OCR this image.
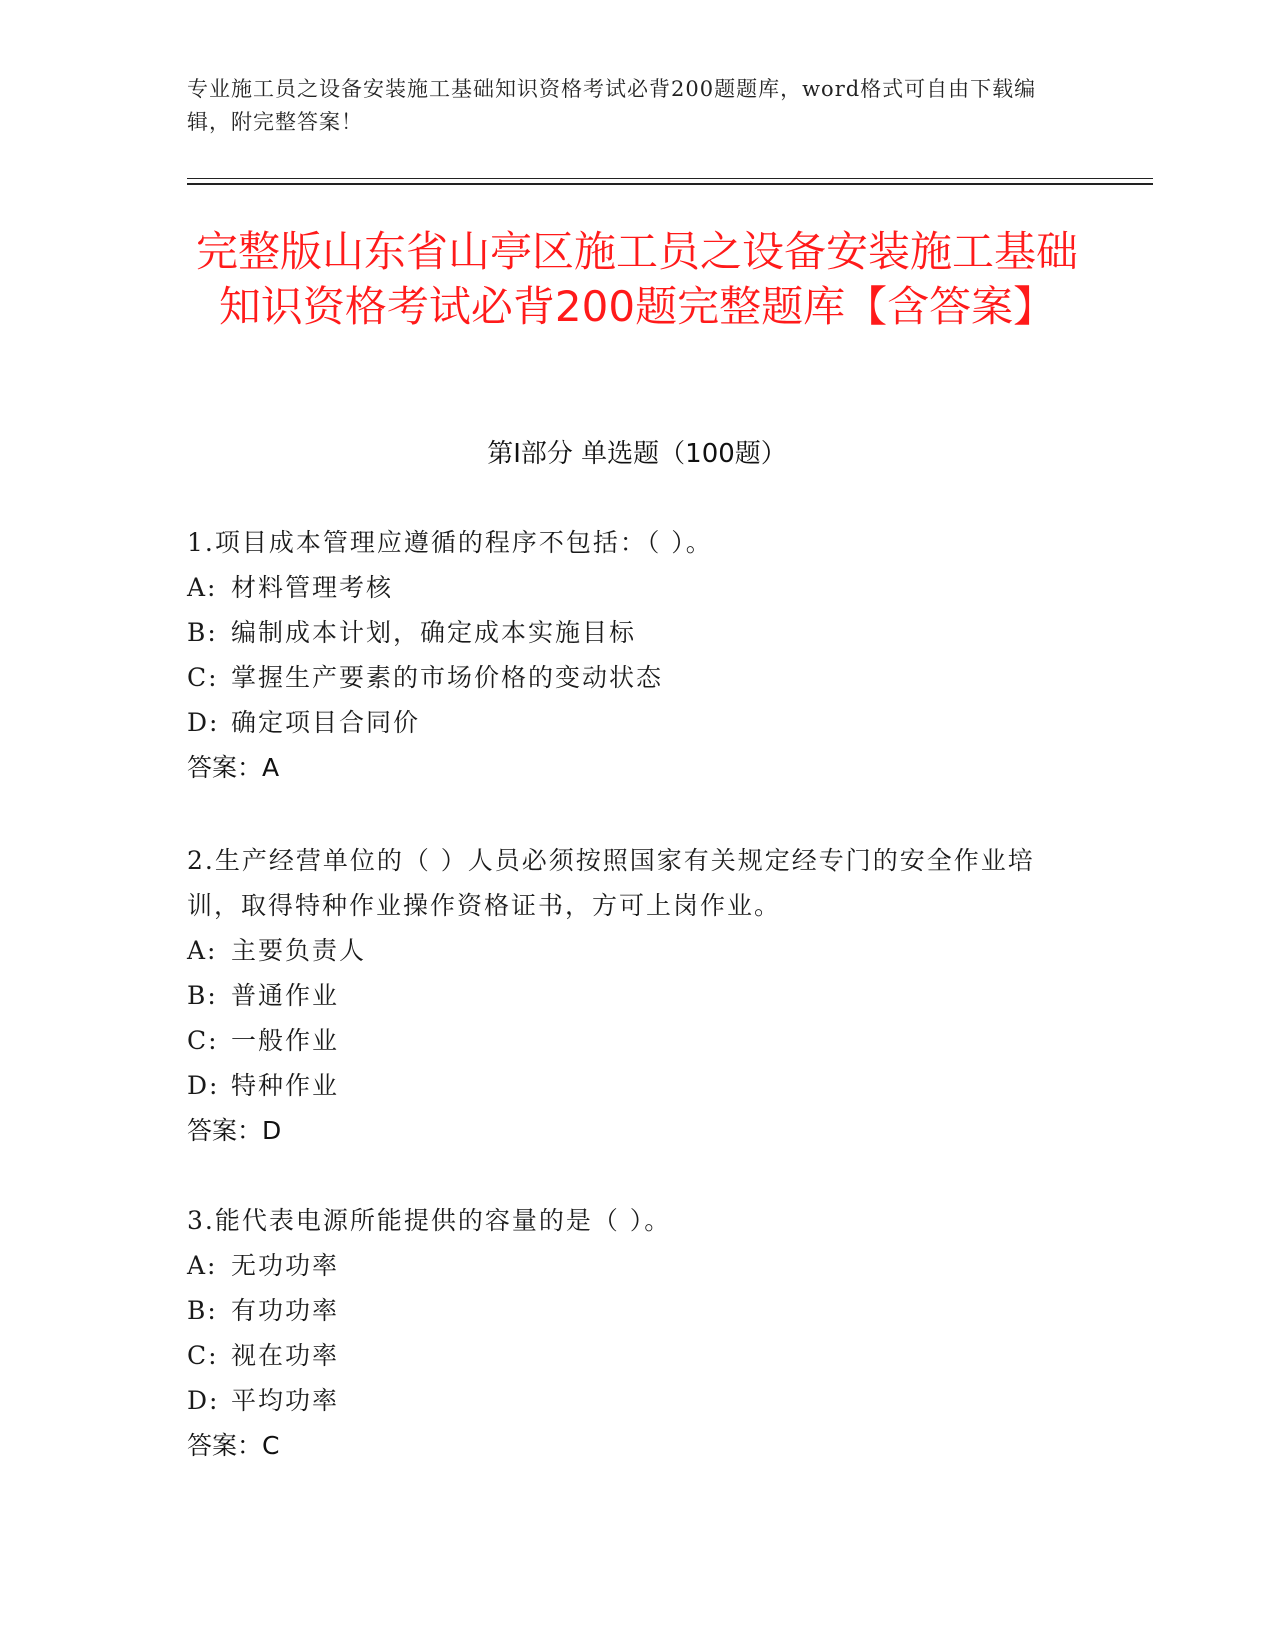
专业施工员之设备安装施工基础知识资格考试必背200题题库，word格式可自由下载编辑，附完整答案！
完整版山东省山亭区施工员之设备安装施工基础知识资格考试必背200题完整题库【含答案】
第Ⅰ部分 单选题（100题）

1.项目成本管理应遵循的程序不包括：（ ）。

A: 材料管理考核

B: 编制成本计划，确定成本实施目标

C: 掌握生产要素的市场价格的变动状态

D: 确定项目合同价

答案：A

2.生产经营单位的（ ）人员必须按照国家有关规定经专门的安全作业培训，取得特种作业操作资格证书，方可上岗作业。

A: 主要负责人

B: 普通作业

C: 一般作业

D: 特种作业

答案：D

3.能代表电源所能提供的容量的是（ ）。

A: 无功功率

B: 有功功率

C: 视在功率

D: 平均功率

答案：C
